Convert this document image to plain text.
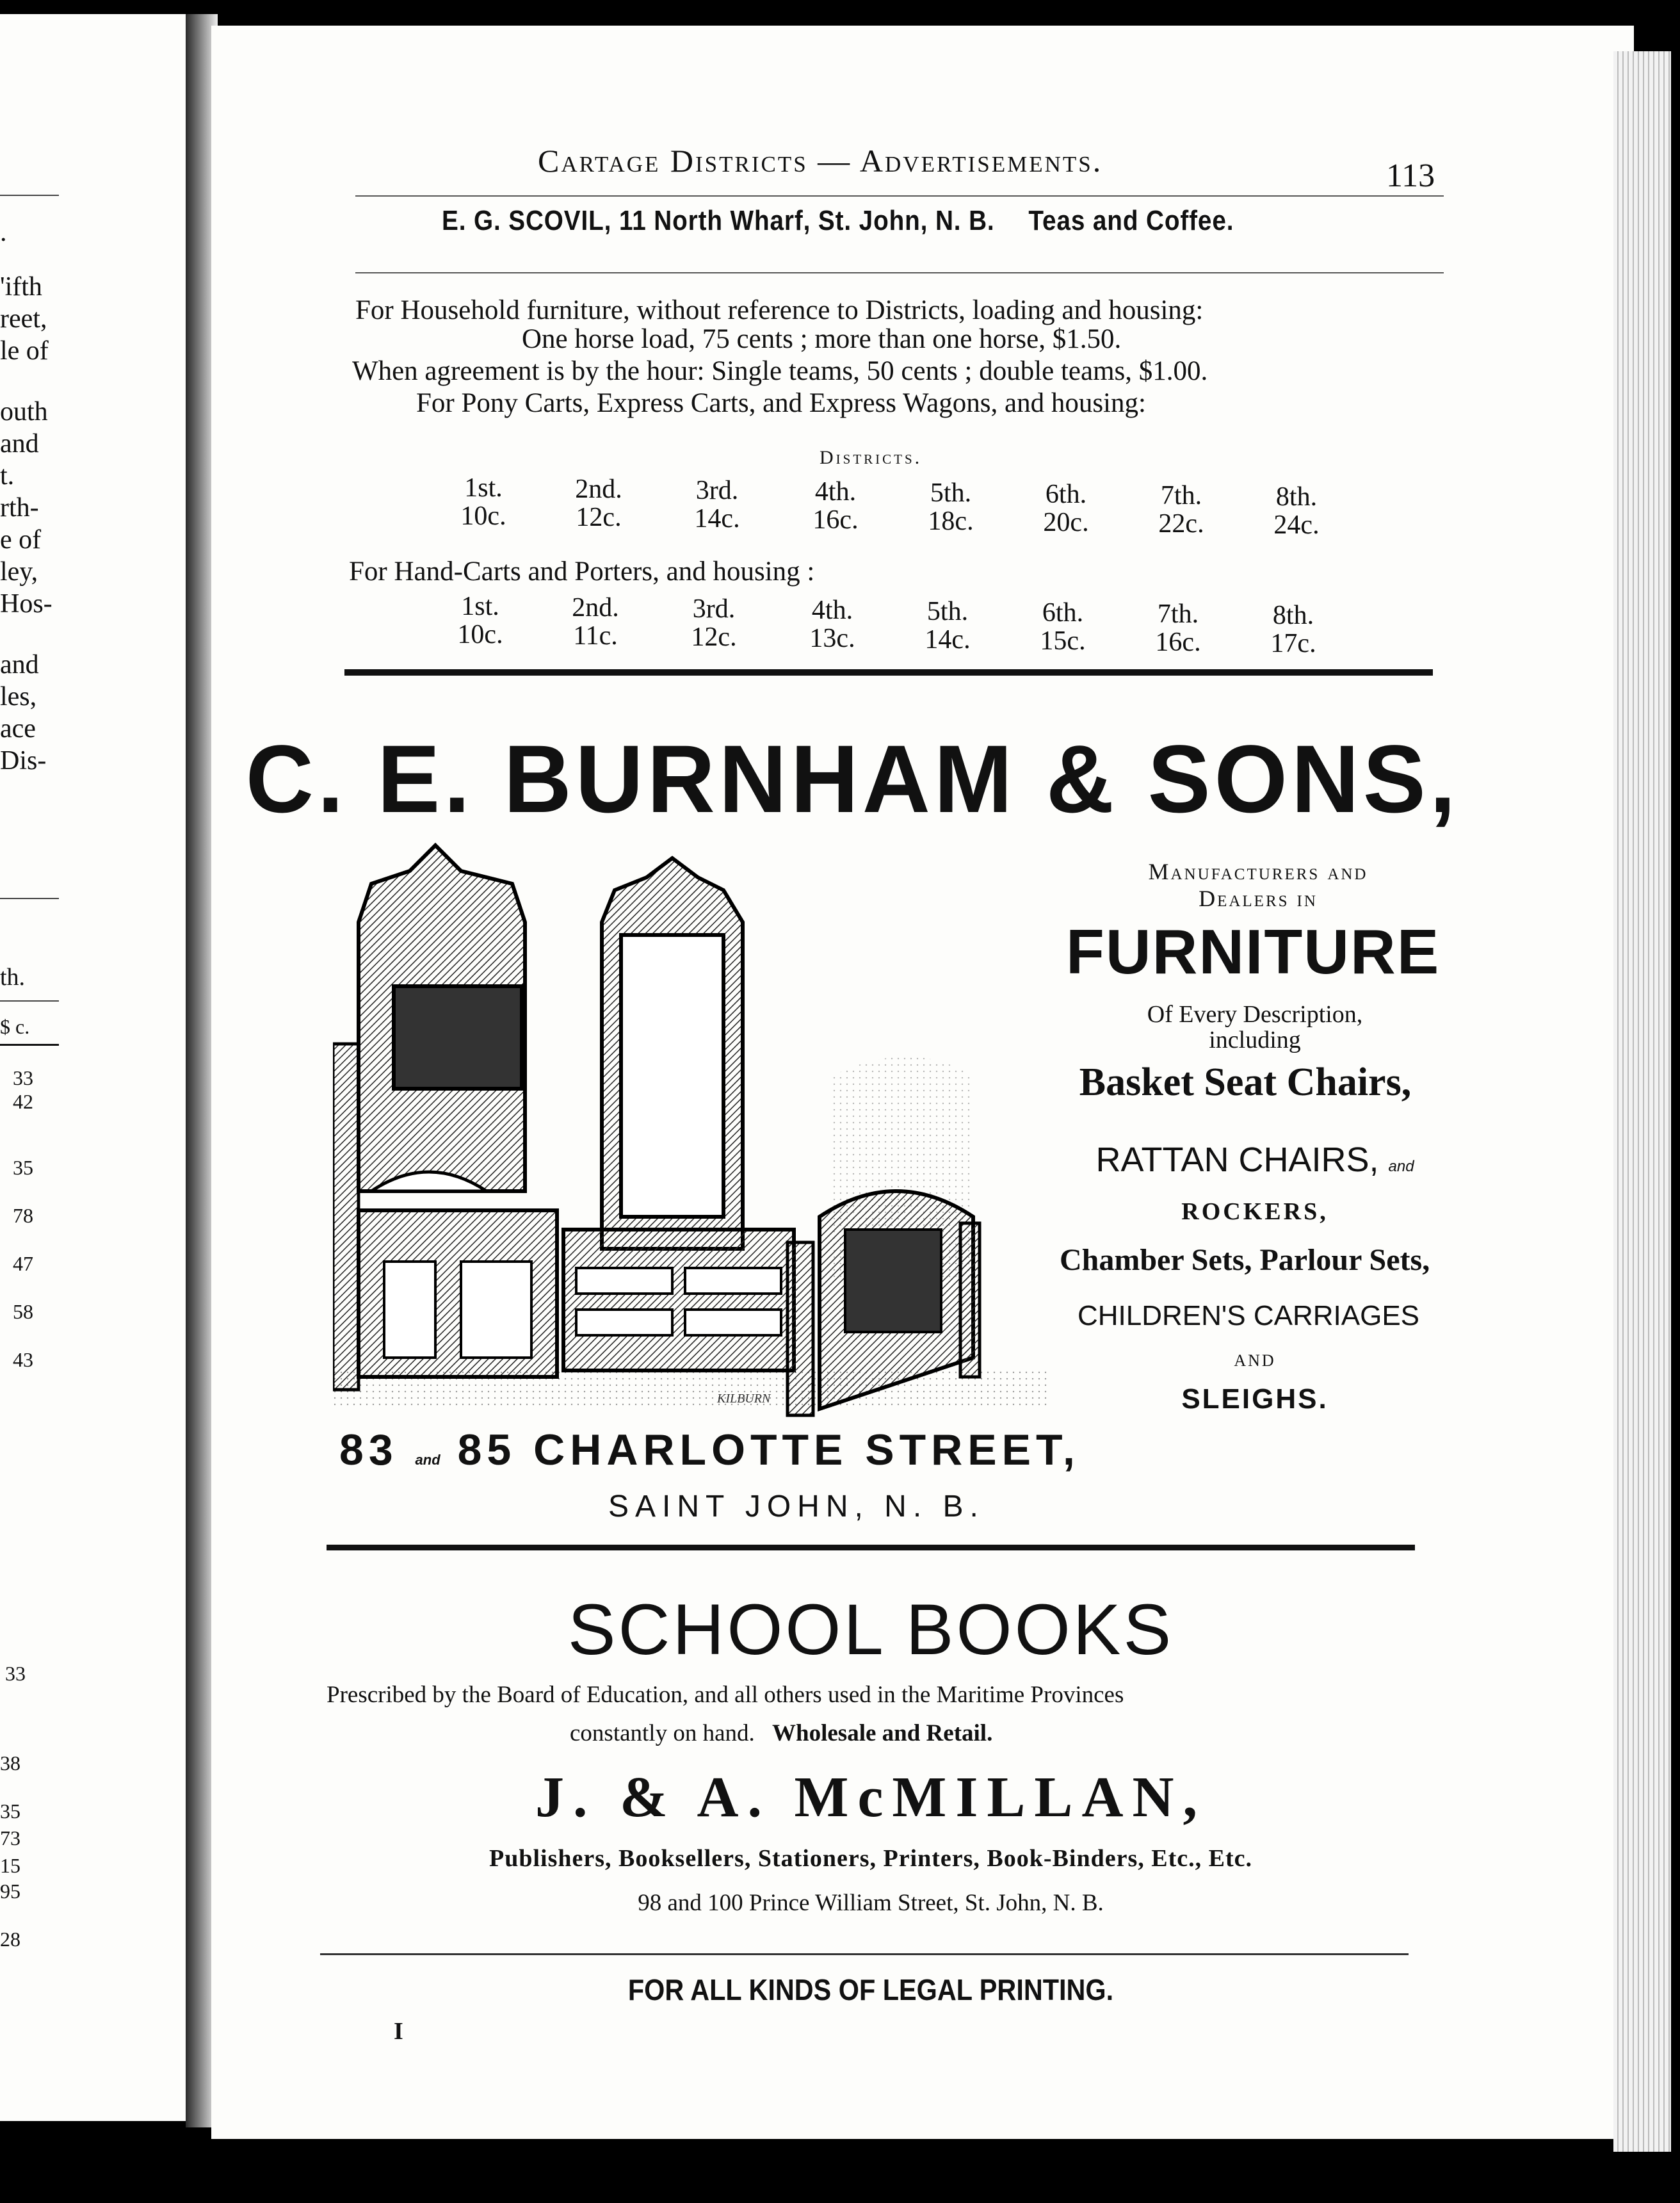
.
'ifth
reet,
le of
outh
and
t.
rth-
e of
ley,
Hos-
and
les,
ace
Dis-
th.
$ c.
33
42
35
78
47
58
43
33
38
35
73
15
95
28
Cartage Districts — Advertisements.	113
E. G. SCOVIL, 11 North Wharf, St. John, N. B. Teas and Coffee.
For Household furniture, without reference to Districts, loading and housing:
One horse load, 75 cents ; more than one horse, $1.50.
When agreement is by the hour: Single teams, 50 cents ; double teams, $1.00.
For Pony Carts, Express Carts, and Express Wagons, and housing:
Districts.
1st.
10c.
2nd.
12c.
3rd.
14c.
4th.
16c.
5th.
18c.
6th.
20c.
7th.
22c.
8th.
24c.
For Hand-Carts and Porters, and housing :
1st.
10c.
2nd.
11c.
3rd.
12c.
4th.
13c.
5th.
14c.
6th.
15c.
7th.
16c.
8th.
17c.
C. E. BURNHAM & SONS,
KILBURN
Manufacturers and
Dealers in
FURNITURE
Of Every Description,
including
Basket Seat Chairs,
RATTAN CHAIRS, and
ROCKERS,
Chamber Sets, Parlour Sets,
CHILDREN'S CARRIAGES
AND
SLEIGHS.
83 and 85 CHARLOTTE STREET,
SAINT JOHN, N. B.
SCHOOL BOOKS
Prescribed by the Board of Education, and all others used in the Maritime Provinces
constantly on hand. Wholesale and Retail.
J. & A. McMILLAN,
Publishers, Booksellers, Stationers, Printers, Book-Binders, Etc., Etc.
98 and 100 Prince William Street, St. John, N. B.
FOR ALL KINDS OF LEGAL PRINTING.
I
